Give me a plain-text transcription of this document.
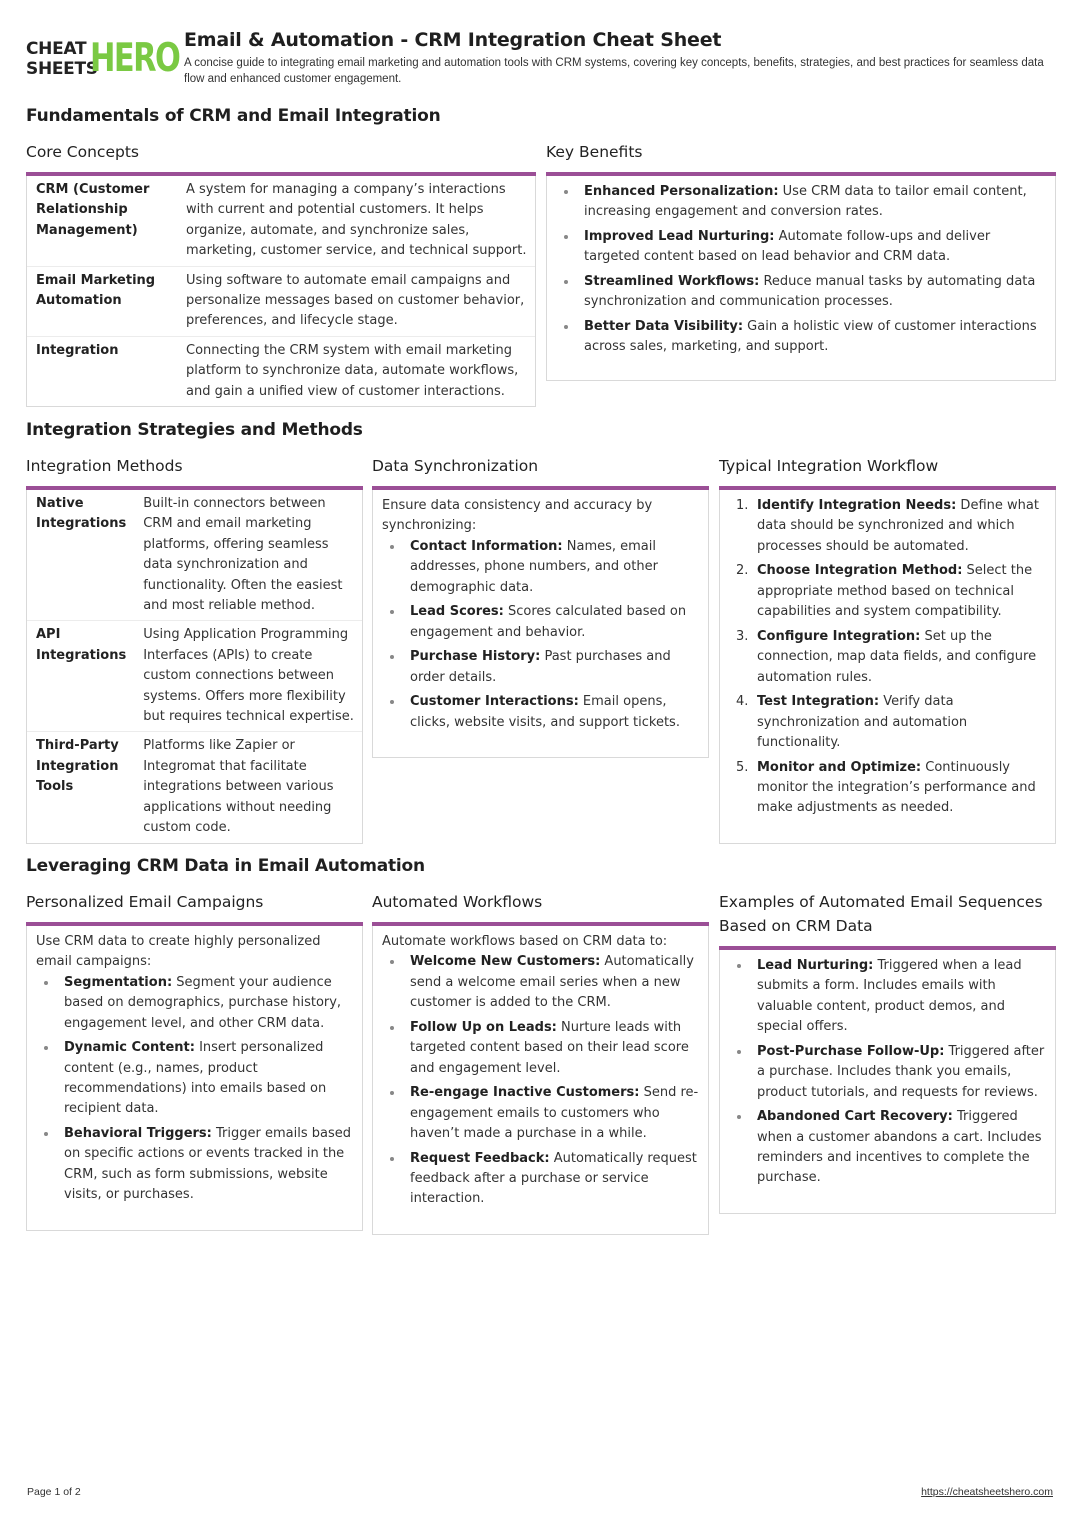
CHEAT
SHEETS
HERO Email & Automation - CRM Integration Cheat Sheet
A concise guide to integrating email marketing and automation tools with CRM systems, covering key concepts, benefits, strategies, and best practices for seamless data flow and enhanced customer engagement.
Fundamentals of CRM and Email Integration
Core Concepts
CRM (Customer Relationship Management)	A system for managing a company’s interactions with current and potential customers. It helps organize, automate, and synchronize sales, marketing, customer service, and technical support.
Email Marketing Automation	Using software to automate email campaigns and personalize messages based on customer behavior, preferences, and lifecycle stage.
Integration	Connecting the CRM system with email marketing platform to synchronize data, automate workflows, and gain a unified view of customer interactions.
Key Benefits
Enhanced Personalization: Use CRM data to tailor email content, increasing engagement and conversion rates.
Improved Lead Nurturing: Automate follow-ups and deliver targeted content based on lead behavior and CRM data.
Streamlined Workflows: Reduce manual tasks by automating data synchronization and communication processes.
Better Data Visibility: Gain a holistic view of customer interactions across sales, marketing, and support.
Integration Strategies and Methods
Integration Methods
Native Integrations	Built-in connectors between CRM and email marketing platforms, offering seamless data synchronization and functionality. Often the easiest and most reliable method.
API Integrations	Using Application Programming Interfaces (APIs) to create custom connections between systems. Offers more flexibility but requires technical expertise.
Third-Party Integration Tools	Platforms like Zapier or Integromat that facilitate integrations between various applications without needing custom code.
Data Synchronization
Ensure data consistency and accuracy by synchronizing:
Contact Information: Names, email addresses, phone numbers, and other demographic data.
Lead Scores: Scores calculated based on engagement and behavior.
Purchase History: Past purchases and order details.
Customer Interactions: Email opens, clicks, website visits, and support tickets.
Typical Integration Workflow
1. Identify Integration Needs: Define what data should be synchronized and which processes should be automated.
2. Choose Integration Method: Select the appropriate method based on technical capabilities and system compatibility.
3. Configure Integration: Set up the connection, map data fields, and configure automation rules.
4. Test Integration: Verify data synchronization and automation functionality.
5. Monitor and Optimize: Continuously monitor the integration’s performance and make adjustments as needed.
Leveraging CRM Data in Email Automation
Personalized Email Campaigns
Use CRM data to create highly personalized email campaigns:
Segmentation: Segment your audience based on demographics, purchase history, engagement level, and other CRM data.
Dynamic Content: Insert personalized content (e.g., names, product recommendations) into emails based on recipient data.
Behavioral Triggers: Trigger emails based on specific actions or events tracked in the CRM, such as form submissions, website visits, or purchases.
Automated Workflows
Automate workflows based on CRM data to:
Welcome New Customers: Automatically send a welcome email series when a new customer is added to the CRM.
Follow Up on Leads: Nurture leads with targeted content based on their lead score and engagement level.
Re-engage Inactive Customers: Send re-engagement emails to customers who haven’t made a purchase in a while.
Request Feedback: Automatically request feedback after a purchase or service interaction.
Examples of Automated Email Sequences Based on CRM Data
Lead Nurturing: Triggered when a lead submits a form. Includes emails with valuable content, product demos, and special offers.
Post-Purchase Follow-Up: Triggered after a purchase. Includes thank you emails, product tutorials, and requests for reviews.
Abandoned Cart Recovery: Triggered when a customer abandons a cart. Includes reminders and incentives to complete the purchase.
Page 1 of 2	https://cheatsheetshero.com
